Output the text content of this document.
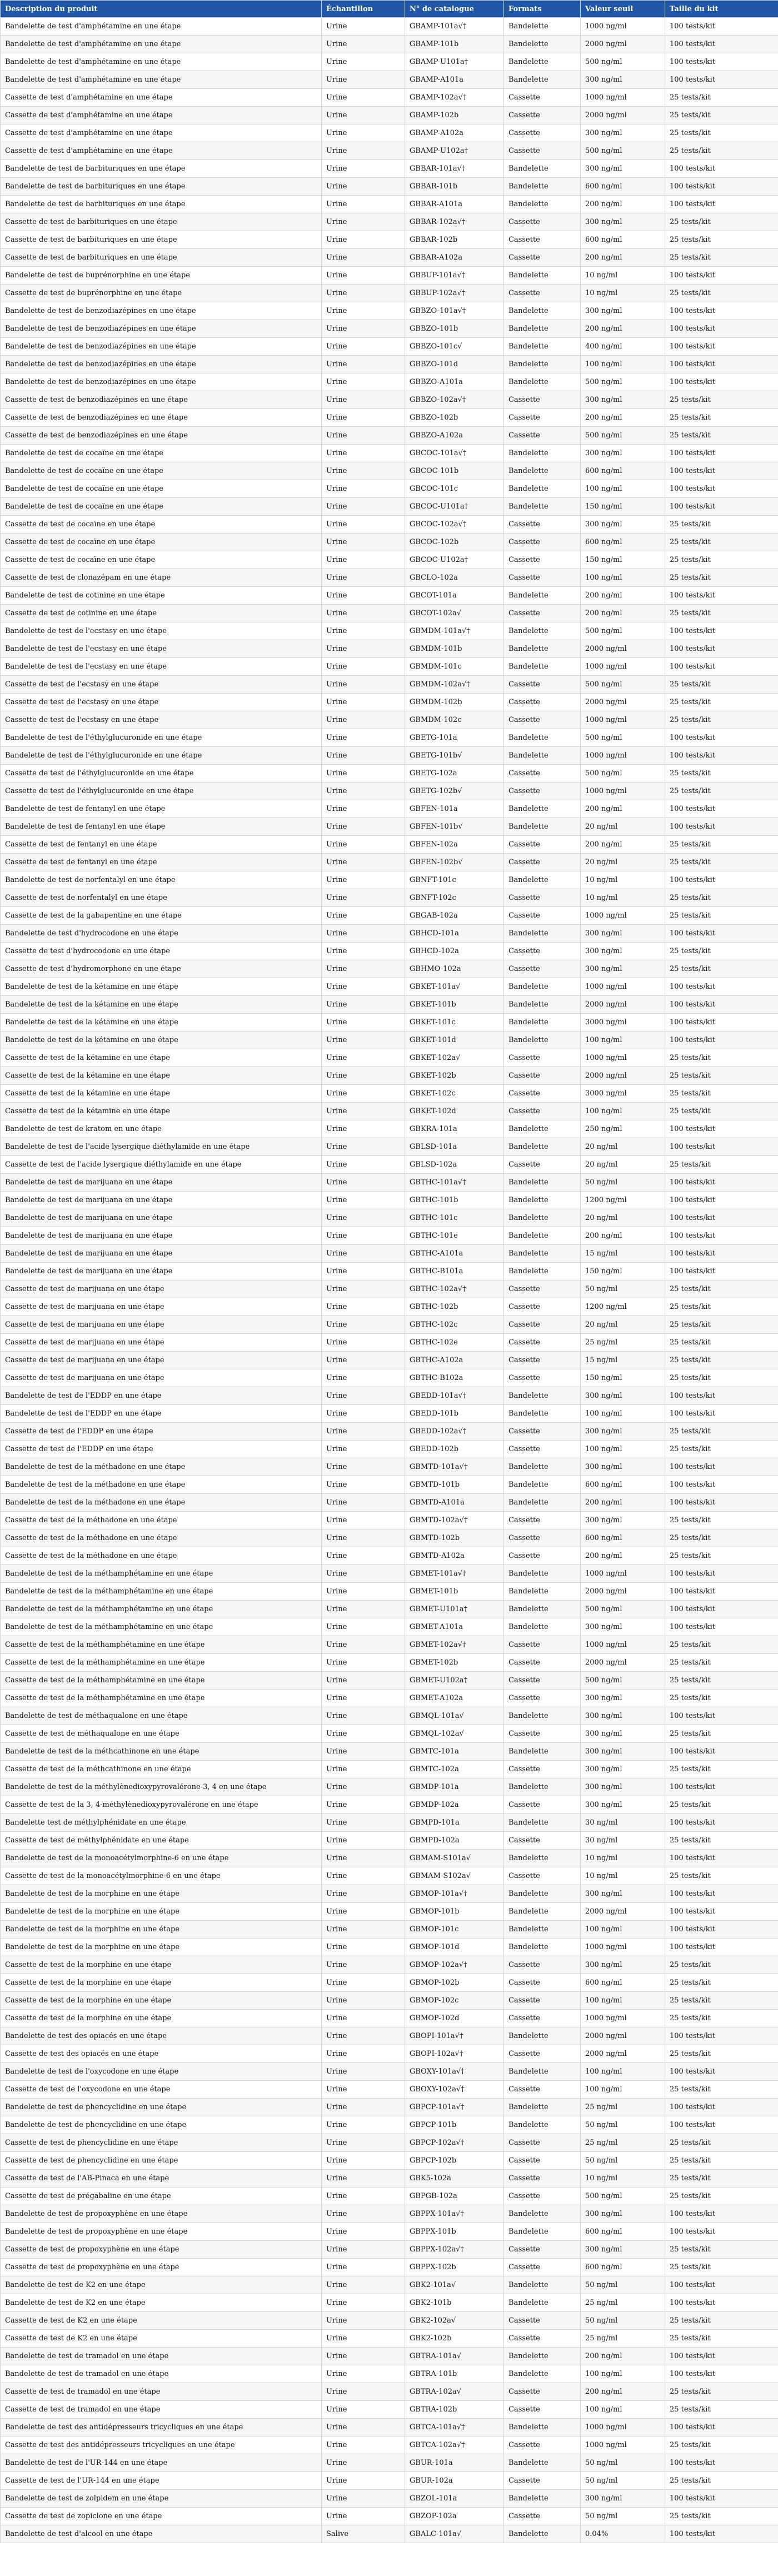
Description du produit	Échantillon	N° de catalogue	Formats	Valeur seuil	Taille du kit
Bandelette de test d'amphétamine en une étape	Urine	GBAMP-101a√†	Bandelette	1000 ng/ml	100 tests/kit
Bandelette de test d'amphétamine en une étape	Urine	GBAMP-101b	Bandelette	2000 ng/ml	100 tests/kit
Bandelette de test d'amphétamine en une étape	Urine	GBAMP-U101a†	Bandelette	500 ng/ml	100 tests/kit
Bandelette de test d'amphétamine en une étape	Urine	GBAMP-A101a	Bandelette	300 ng/ml	100 tests/kit
Cassette de test d'amphétamine en une étape	Urine	GBAMP-102a√†	Cassette	1000 ng/ml	25 tests/kit
Cassette de test d'amphétamine en une étape	Urine	GBAMP-102b	Cassette	2000 ng/ml	25 tests/kit
Cassette de test d'amphétamine en une étape	Urine	GBAMP-A102a	Cassette	300 ng/ml	25 tests/kit
Cassette de test d'amphétamine en une étape	Urine	GBAMP-U102a†	Cassette	500 ng/ml	25 tests/kit
Bandelette de test de barbituriques en une étape	Urine	GBBAR-101a√†	Bandelette	300 ng/ml	100 tests/kit
Bandelette de test de barbituriques en une étape	Urine	GBBAR-101b	Bandelette	600 ng/ml	100 tests/kit
Bandelette de test de barbituriques en une étape	Urine	GBBAR-A101a	Bandelette	200 ng/ml	100 tests/kit
Cassette de test de barbituriques en une étape	Urine	GBBAR-102a√†	Cassette	300 ng/ml	25 tests/kit
Cassette de test de barbituriques en une étape	Urine	GBBAR-102b	Cassette	600 ng/ml	25 tests/kit
Cassette de test de barbituriques en une étape	Urine	GBBAR-A102a	Cassette	200 ng/ml	25 tests/kit
Bandelette de test de buprénorphine en une étape	Urine	GBBUP-101a√†	Bandelette	10 ng/ml	100 tests/kit
Cassette de test de buprénorphine en une étape	Urine	GBBUP-102a√†	Cassette	10 ng/ml	25 tests/kit
Bandelette de test de benzodiazépines en une étape	Urine	GBBZO-101a√†	Bandelette	300 ng/ml	100 tests/kit
Bandelette de test de benzodiazépines en une étape	Urine	GBBZO-101b	Bandelette	200 ng/ml	100 tests/kit
Bandelette de test de benzodiazépines en une étape	Urine	GBBZO-101c√	Bandelette	400 ng/ml	100 tests/kit
Bandelette de test de benzodiazépines en une étape	Urine	GBBZO-101d	Bandelette	100 ng/ml	100 tests/kit
Bandelette de test de benzodiazépines en une étape	Urine	GBBZO-A101a	Bandelette	500 ng/ml	100 tests/kit
Cassette de test de benzodiazépines en une étape	Urine	GBBZO-102a√†	Cassette	300 ng/ml	25 tests/kit
Cassette de test de benzodiazépines en une étape	Urine	GBBZO-102b	Cassette	200 ng/ml	25 tests/kit
Cassette de test de benzodiazépines en une étape	Urine	GBBZO-A102a	Cassette	500 ng/ml	25 tests/kit
Bandelette de test de cocaïne en une étape	Urine	GBCOC-101a√†	Bandelette	300 ng/ml	100 tests/kit
Bandelette de test de cocaïne en une étape	Urine	GBCOC-101b	Bandelette	600 ng/ml	100 tests/kit
Bandelette de test de cocaïne en une étape	Urine	GBCOC-101c	Bandelette	100 ng/ml	100 tests/kit
Bandelette de test de cocaïne en une étape	Urine	GBCOC-U101a†	Bandelette	150 ng/ml	100 tests/kit
Cassette de test de cocaïne en une étape	Urine	GBCOC-102a√†	Cassette	300 ng/ml	25 tests/kit
Cassette de test de cocaïne en une étape	Urine	GBCOC-102b	Cassette	600 ng/ml	25 tests/kit
Cassette de test de cocaïne en une étape	Urine	GBCOC-U102a†	Cassette	150 ng/ml	25 tests/kit
Cassette de test de clonazépam en une étape	Urine	GBCLO-102a	Cassette	100 ng/ml	25 tests/kit
Bandelette de test de cotinine en une étape	Urine	GBCOT-101a	Bandelette	200 ng/ml	100 tests/kit
Cassette de test de cotinine en une étape	Urine	GBCOT-102a√	Cassette	200 ng/ml	25 tests/kit
Bandelette de test de l'ecstasy en une étape	Urine	GBMDM-101a√†	Bandelette	500 ng/ml	100 tests/kit
Bandelette de test de l'ecstasy en une étape	Urine	GBMDM-101b	Bandelette	2000 ng/ml	100 tests/kit
Bandelette de test de l'ecstasy en une étape	Urine	GBMDM-101c	Bandelette	1000 ng/ml	100 tests/kit
Cassette de test de l'ecstasy en une étape	Urine	GBMDM-102a√†	Cassette	500 ng/ml	25 tests/kit
Cassette de test de l'ecstasy en une étape	Urine	GBMDM-102b	Cassette	2000 ng/ml	25 tests/kit
Cassette de test de l'ecstasy en une étape	Urine	GBMDM-102c	Cassette	1000 ng/ml	25 tests/kit
Bandelette de test de l'éthylglucuronide en une étape	Urine	GBETG-101a	Bandelette	500 ng/ml	100 tests/kit
Bandelette de test de l'éthylglucuronide en une étape	Urine	GBETG-101b√	Bandelette	1000 ng/ml	100 tests/kit
Cassette de test de l'éthylglucuronide en une étape	Urine	GBETG-102a	Cassette	500 ng/ml	25 tests/kit
Cassette de test de l'éthylglucuronide en une étape	Urine	GBETG-102b√	Cassette	1000 ng/ml	25 tests/kit
Bandelette de test de fentanyl en une étape	Urine	GBFEN-101a	Bandelette	200 ng/ml	100 tests/kit
Bandelette de test de fentanyl en une étape	Urine	GBFEN-101b√	Bandelette	20 ng/ml	100 tests/kit
Cassette de test de fentanyl en une étape	Urine	GBFEN-102a	Cassette	200 ng/ml	25 tests/kit
Cassette de test de fentanyl en une étape	Urine	GBFEN-102b√	Cassette	20 ng/ml	25 tests/kit
Bandelette de test de norfentalyl en une étape	Urine	GBNFT-101c	Bandelette	10 ng/ml	100 tests/kit
Cassette de test de norfentalyl en une étape	Urine	GBNFT-102c	Cassette	10 ng/ml	25 tests/kit
Cassette de test de la gabapentine en une étape	Urine	GBGAB-102a	Cassette	1000 ng/ml	25 tests/kit
Bandelette de test d'hydrocodone en une étape	Urine	GBHCD-101a	Bandelette	300 ng/ml	100 tests/kit
Cassette de test d'hydrocodone en une étape	Urine	GBHCD-102a	Cassette	300 ng/ml	25 tests/kit
Cassette de test d'hydromorphone en une étape	Urine	GBHMO-102a	Cassette	300 ng/ml	25 tests/kit
Bandelette de test de la kétamine en une étape	Urine	GBKET-101a√	Bandelette	1000 ng/ml	100 tests/kit
Bandelette de test de la kétamine en une étape	Urine	GBKET-101b	Bandelette	2000 ng/ml	100 tests/kit
Bandelette de test de la kétamine en une étape	Urine	GBKET-101c	Bandelette	3000 ng/ml	100 tests/kit
Bandelette de test de la kétamine en une étape	Urine	GBKET-101d	Bandelette	100 ng/ml	100 tests/kit
Cassette de test de la kétamine en une étape	Urine	GBKET-102a√	Cassette	1000 ng/ml	25 tests/kit
Cassette de test de la kétamine en une étape	Urine	GBKET-102b	Cassette	2000 ng/ml	25 tests/kit
Cassette de test de la kétamine en une étape	Urine	GBKET-102c	Cassette	3000 ng/ml	25 tests/kit
Cassette de test de la kétamine en une étape	Urine	GBKET-102d	Cassette	100 ng/ml	25 tests/kit
Bandelette de test de kratom en une étape	Urine	GBKRA-101a	Bandelette	250 ng/ml	100 tests/kit
Bandelette de test de l'acide lysergique diéthylamide en une étape	Urine	GBLSD-101a	Bandelette	20 ng/ml	100 tests/kit
Cassette de test de l'acide lysergique diéthylamide en une étape	Urine	GBLSD-102a	Cassette	20 ng/ml	25 tests/kit
Bandelette de test de marijuana en une étape	Urine	GBTHC-101a√†	Bandelette	50 ng/ml	100 tests/kit
Bandelette de test de marijuana en une étape	Urine	GBTHC-101b	Bandelette	1200 ng/ml	100 tests/kit
Bandelette de test de marijuana en une étape	Urine	GBTHC-101c	Bandelette	20 ng/ml	100 tests/kit
Bandelette de test de marijuana en une étape	Urine	GBTHC-101e	Bandelette	200 ng/ml	100 tests/kit
Bandelette de test de marijuana en une étape	Urine	GBTHC-A101a	Bandelette	15 ng/ml	100 tests/kit
Bandelette de test de marijuana en une étape	Urine	GBTHC-B101a	Bandelette	150 ng/ml	100 tests/kit
Cassette de test de marijuana en une étape	Urine	GBTHC-102a√†	Cassette	50 ng/ml	25 tests/kit
Cassette de test de marijuana en une étape	Urine	GBTHC-102b	Cassette	1200 ng/ml	25 tests/kit
Cassette de test de marijuana en une étape	Urine	GBTHC-102c	Cassette	20 ng/ml	25 tests/kit
Cassette de test de marijuana en une étape	Urine	GBTHC-102e	Cassette	25 ng/ml	25 tests/kit
Cassette de test de marijuana en une étape	Urine	GBTHC-A102a	Cassette	15 ng/ml	25 tests/kit
Cassette de test de marijuana en une étape	Urine	GBTHC-B102a	Cassette	150 ng/ml	25 tests/kit
Bandelette de test de l'EDDP en une étape	Urine	GBEDD-101a√†	Bandelette	300 ng/ml	100 tests/kit
Bandelette de test de l'EDDP en une étape	Urine	GBEDD-101b	Bandelette	100 ng/ml	100 tests/kit
Cassette de test de l'EDDP en une étape	Urine	GBEDD-102a√†	Cassette	300 ng/ml	25 tests/kit
Cassette de test de l'EDDP en une étape	Urine	GBEDD-102b	Cassette	100 ng/ml	25 tests/kit
Bandelette de test de la méthadone en une étape	Urine	GBMTD-101a√†	Bandelette	300 ng/ml	100 tests/kit
Bandelette de test de la méthadone en une étape	Urine	GBMTD-101b	Bandelette	600 ng/ml	100 tests/kit
Bandelette de test de la méthadone en une étape	Urine	GBMTD-A101a	Bandelette	200 ng/ml	100 tests/kit
Cassette de test de la méthadone en une étape	Urine	GBMTD-102a√†	Cassette	300 ng/ml	25 tests/kit
Cassette de test de la méthadone en une étape	Urine	GBMTD-102b	Cassette	600 ng/ml	25 tests/kit
Cassette de test de la méthadone en une étape	Urine	GBMTD-A102a	Cassette	200 ng/ml	25 tests/kit
Bandelette de test de la méthamphétamine en une étape	Urine	GBMET-101a√†	Bandelette	1000 ng/ml	100 tests/kit
Bandelette de test de la méthamphétamine en une étape	Urine	GBMET-101b	Bandelette	2000 ng/ml	100 tests/kit
Bandelette de test de la méthamphétamine en une étape	Urine	GBMET-U101a†	Bandelette	500 ng/ml	100 tests/kit
Bandelette de test de la méthamphétamine en une étape	Urine	GBMET-A101a	Bandelette	300 ng/ml	100 tests/kit
Cassette de test de la méthamphétamine en une étape	Urine	GBMET-102a√†	Cassette	1000 ng/ml	25 tests/kit
Cassette de test de la méthamphétamine en une étape	Urine	GBMET-102b	Cassette	2000 ng/ml	25 tests/kit
Cassette de test de la méthamphétamine en une étape	Urine	GBMET-U102a†	Cassette	500 ng/ml	25 tests/kit
Cassette de test de la méthamphétamine en une étape	Urine	GBMET-A102a	Cassette	300 ng/ml	25 tests/kit
Bandelette de test de méthaqualone en une étape	Urine	GBMQL-101a√	Bandelette	300 ng/ml	100 tests/kit
Cassette de test de méthaqualone en une étape	Urine	GBMQL-102a√	Cassette	300 ng/ml	25 tests/kit
Bandelette de test de la méthcathinone en une étape	Urine	GBMTC-101a	Bandelette	300 ng/ml	100 tests/kit
Cassette de test de la méthcathinone en une étape	Urine	GBMTC-102a	Cassette	300 ng/ml	25 tests/kit
Bandelette de test de la méthylènedioxypyrovalérone-3, 4 en une étape	Urine	GBMDP-101a	Bandelette	300 ng/ml	100 tests/kit
Cassette de test de la 3, 4-méthylènedioxypyrovalérone en une étape	Urine	GBMDP-102a	Cassette	300 ng/ml	25 tests/kit
Bandelette test de méthylphénidate en une étape	Urine	GBMPD-101a	Bandelette	30 ng/ml	100 tests/kit
Cassette de test de méthylphénidate en une étape	Urine	GBMPD-102a	Cassette	30 ng/ml	25 tests/kit
Bandelette de test de la monoacétylmorphine-6 en une étape	Urine	GBMAM-S101a√	Bandelette	10 ng/ml	100 tests/kit
Cassette de test de la monoacétylmorphine-6 en une étape	Urine	GBMAM-S102a√	Cassette	10 ng/ml	25 tests/kit
Bandelette de test de la morphine en une étape	Urine	GBMOP-101a√†	Bandelette	300 ng/ml	100 tests/kit
Bandelette de test de la morphine en une étape	Urine	GBMOP-101b	Bandelette	2000 ng/ml	100 tests/kit
Bandelette de test de la morphine en une étape	Urine	GBMOP-101c	Bandelette	100 ng/ml	100 tests/kit
Bandelette de test de la morphine en une étape	Urine	GBMOP-101d	Bandelette	1000 ng/ml	100 tests/kit
Cassette de test de la morphine en une étape	Urine	GBMOP-102a√†	Cassette	300 ng/ml	25 tests/kit
Cassette de test de la morphine en une étape	Urine	GBMOP-102b	Cassette	600 ng/ml	25 tests/kit
Cassette de test de la morphine en une étape	Urine	GBMOP-102c	Cassette	100 ng/ml	25 tests/kit
Cassette de test de la morphine en une étape	Urine	GBMOP-102d	Cassette	1000 ng/ml	25 tests/kit
Bandelette de test des opiacés en une étape	Urine	GBOPI-101a√†	Bandelette	2000 ng/ml	100 tests/kit
Cassette de test des opiacés en une étape	Urine	GBOPI-102a√†	Cassette	2000 ng/ml	25 tests/kit
Bandelette de test de l'oxycodone en une étape	Urine	GBOXY-101a√†	Bandelette	100 ng/ml	100 tests/kit
Cassette de test de l'oxycodone en une étape	Urine	GBOXY-102a√†	Cassette	100 ng/ml	25 tests/kit
Bandelette de test de phencyclidine en une étape	Urine	GBPCP-101a√†	Bandelette	25 ng/ml	100 tests/kit
Bandelette de test de phencyclidine en une étape	Urine	GBPCP-101b	Bandelette	50 ng/ml	100 tests/kit
Cassette de test de phencyclidine en une étape	Urine	GBPCP-102a√†	Cassette	25 ng/ml	25 tests/kit
Cassette de test de phencyclidine en une étape	Urine	GBPCP-102b	Cassette	50 ng/ml	25 tests/kit
Cassette de test de l'AB-Pinaca en une étape	Urine	GBK5-102a	Cassette	10 ng/ml	25 tests/kit
Cassette de test de prégabaline en une étape	Urine	GBPGB-102a	Cassette	500 ng/ml	25 tests/kit
Bandelette de test de propoxyphène en une étape	Urine	GBPPX-101a√†	Bandelette	300 ng/ml	100 tests/kit
Bandelette de test de propoxyphène en une étape	Urine	GBPPX-101b	Bandelette	600 ng/ml	100 tests/kit
Cassette de test de propoxyphène en une étape	Urine	GBPPX-102a√†	Cassette	300 ng/ml	25 tests/kit
Cassette de test de propoxyphène en une étape	Urine	GBPPX-102b	Cassette	600 ng/ml	25 tests/kit
Bandelette de test de K2 en une étape	Urine	GBK2-101a√	Bandelette	50 ng/ml	100 tests/kit
Bandelette de test de K2 en une étape	Urine	GBK2-101b	Bandelette	25 ng/ml	100 tests/kit
Cassette de test de K2 en une étape	Urine	GBK2-102a√	Cassette	50 ng/ml	25 tests/kit
Cassette de test de K2 en une étape	Urine	GBK2-102b	Cassette	25 ng/ml	25 tests/kit
Bandelette de test de tramadol en une étape	Urine	GBTRA-101a√	Bandelette	200 ng/ml	100 tests/kit
Bandelette de test de tramadol en une étape	Urine	GBTRA-101b	Bandelette	100 ng/ml	100 tests/kit
Cassette de test de tramadol en une étape	Urine	GBTRA-102a√	Cassette	200 ng/ml	25 tests/kit
Cassette de test de tramadol en une étape	Urine	GBTRA-102b	Cassette	100 ng/ml	25 tests/kit
Bandelette de test des antidépresseurs tricycliques en une étape	Urine	GBTCA-101a√†	Bandelette	1000 ng/ml	100 tests/kit
Cassette de test des antidépresseurs tricycliques en une étape	Urine	GBTCA-102a√†	Cassette	1000 ng/ml	25 tests/kit
Bandelette de test de l'UR-144 en une étape	Urine	GBUR-101a	Bandelette	50 ng/ml	100 tests/kit
Cassette de test de l'UR-144 en une étape	Urine	GBUR-102a	Cassette	50 ng/ml	25 tests/kit
Bandelette de test de zolpidem en une étape	Urine	GBZOL-101a	Bandelette	300 ng/ml	100 tests/kit
Cassette de test de zopiclone en une étape	Urine	GBZOP-102a	Cassette	50 ng/ml	25 tests/kit
Bandelette de test d'alcool en une étape	Salive	GBALC-101a√	Bandelette	0.04%	100 tests/kit
